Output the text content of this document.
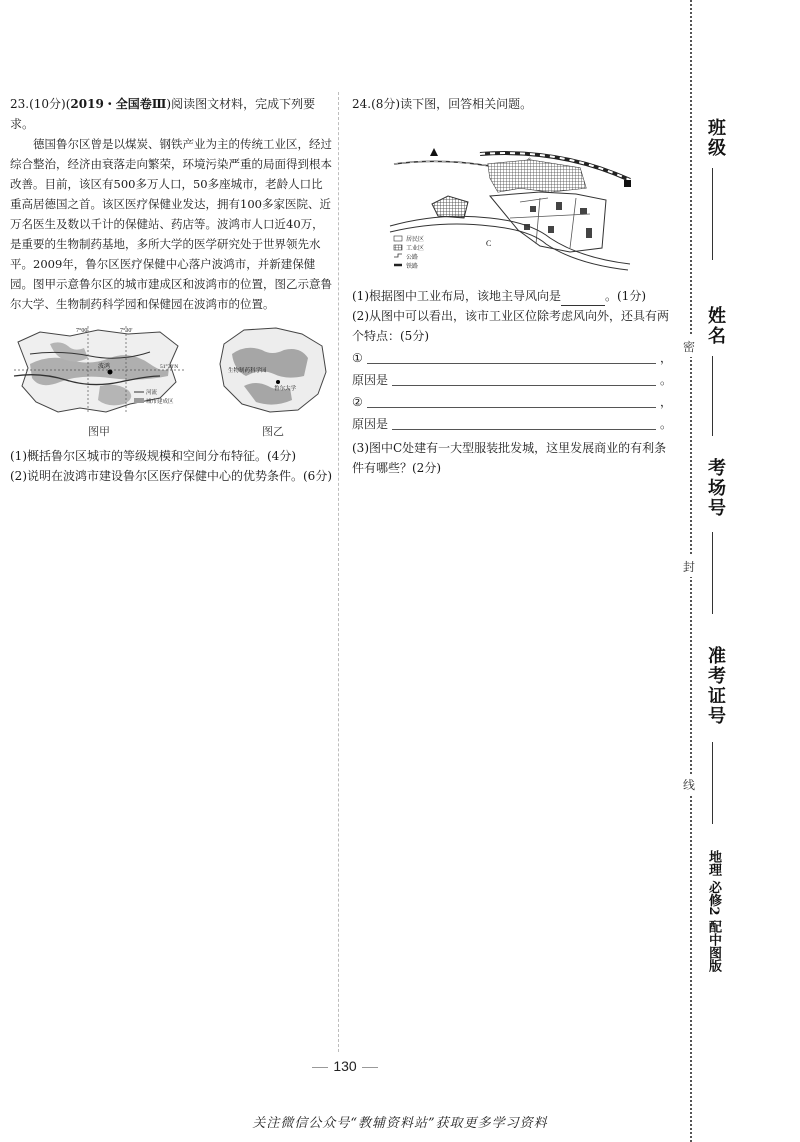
23.(10分)(2019・全国卷Ⅲ)阅读图文材料，完成下列要求。
德国鲁尔区曾是以煤炭、钢铁产业为主的传统工业区，经过综合整治，经济由衰落走向繁荣，环境污染严重的局面得到根本改善。目前，该区有500多万人口，50多座城市，老龄人口比重高居德国之首。该区医疗保健业发达，拥有100多家医院、近万名医生及数以千计的保健站、药店等。波鸿市人口近40万，是重要的生物制药基地，多所大学的医学研究处于世界领先水平。2009年，鲁尔区医疗保健中心落户波鸿市，并新建保健园。图甲示意鲁尔区的城市建成区和波鸿市的位置，图乙示意鲁尔大学、生物制药科学园和保健园在波鸿市的位置。
7°00'	7°30'
51°30'N
波鸿
河流
城市建成区
图甲
生物制药科学园
鲁尔大学
图乙
(1)概括鲁尔区城市的等级规模和空间分布特征。(4分)
(2)说明在波鸿市建设鲁尔区医疗保健中心的优势条件。(6分)
24.(8分)读下图，回答相关问题。
C
居民区
工业区
公路
铁路
(1)根据图中工业布局，该地主导风向是	。(1分)
(2)从图中可以看出，该市工业区位除考虑风向外，还具有两个特点：(5分)
①	，
原因是	。
②	，
原因是	。
(3)图中C处建有一大型服装批发城，这里发展商业的有利条件有哪些？(2分)
130
关注微信公众号“教辅资料站”获取更多学习资料
班级
姓名
密
考场号
封
准考证号
线
地理 必修2 配中图版
